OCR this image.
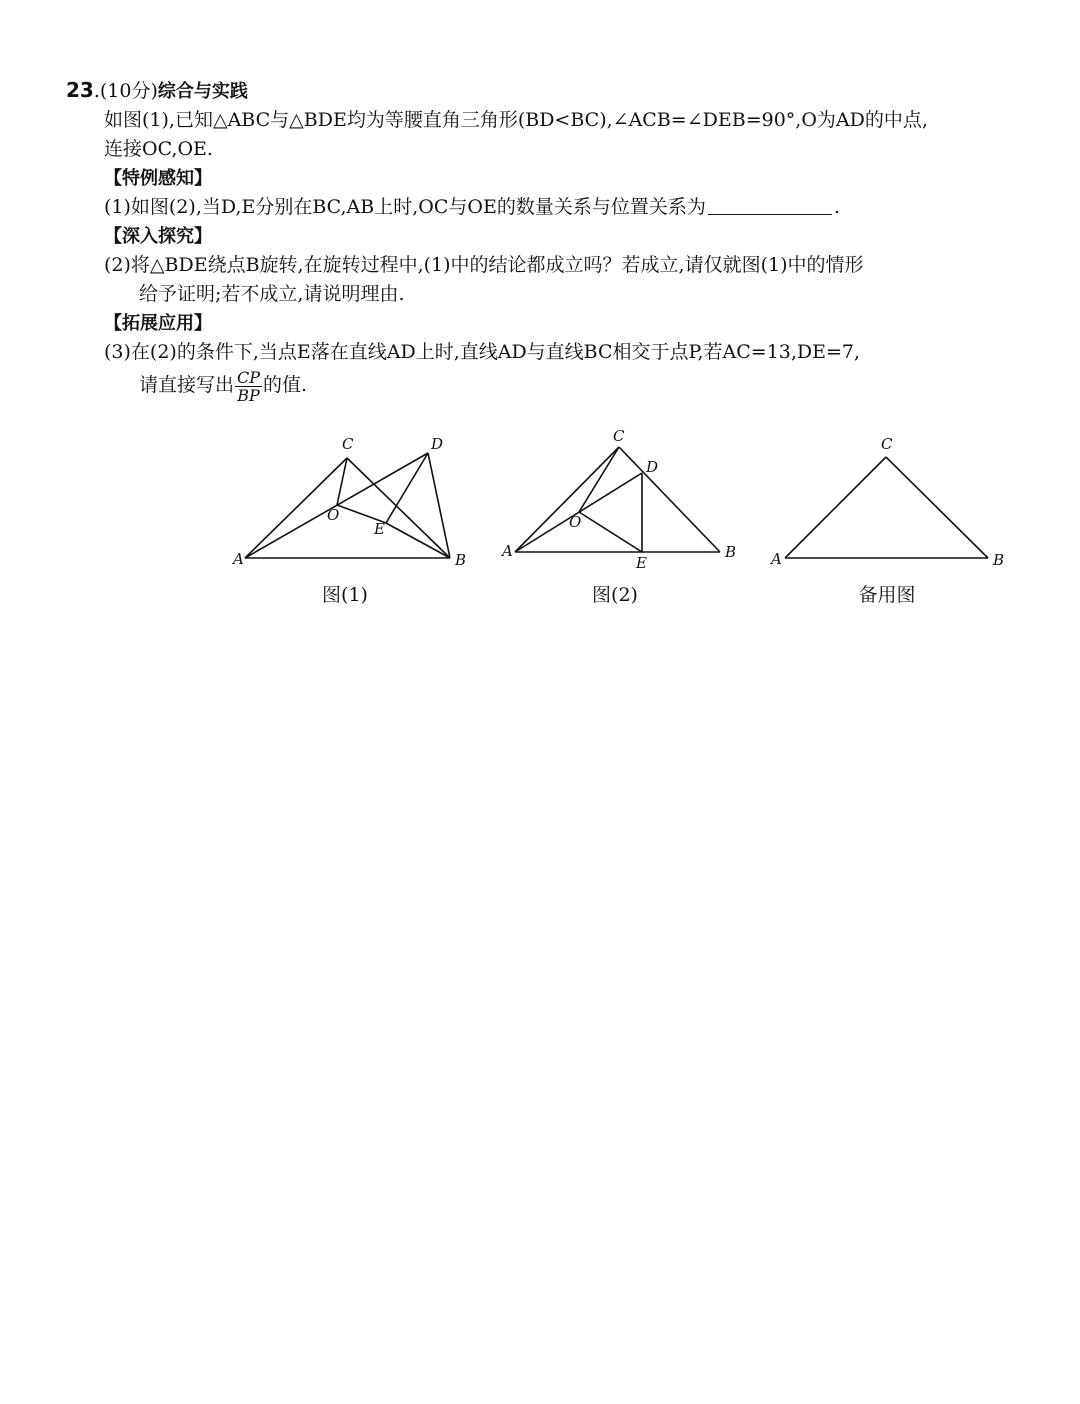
23.(10分)综合与实践
如图(1),已知△ABC与△BDE均为等腰直角三角形(BD<BC),∠ACB=∠DEB=90°,O为AD的中点,
连接OC,OE.
【特例感知】
(1)如图(2),当D,E分别在BC,AB上时,OC与OE的数量关系与位置关系为	.
【深入探究】
(2)将△BDE绕点B旋转,在旋转过程中,(1)中的结论都成立吗？若成立,请仅就图(1)中的情形
给予证明;若不成立,请说明理由.
【拓展应用】
(3)在(2)的条件下,当点E落在直线AD上时,直线AD与直线BC相交于点P,若AC=13,DE=7,
请直接写出 $\frac{CP}{BP}$ 的值.
A	B
C	D
O
E
图(1)
A	B
C
D
O
E
图(2)
A	B
C
备用图
